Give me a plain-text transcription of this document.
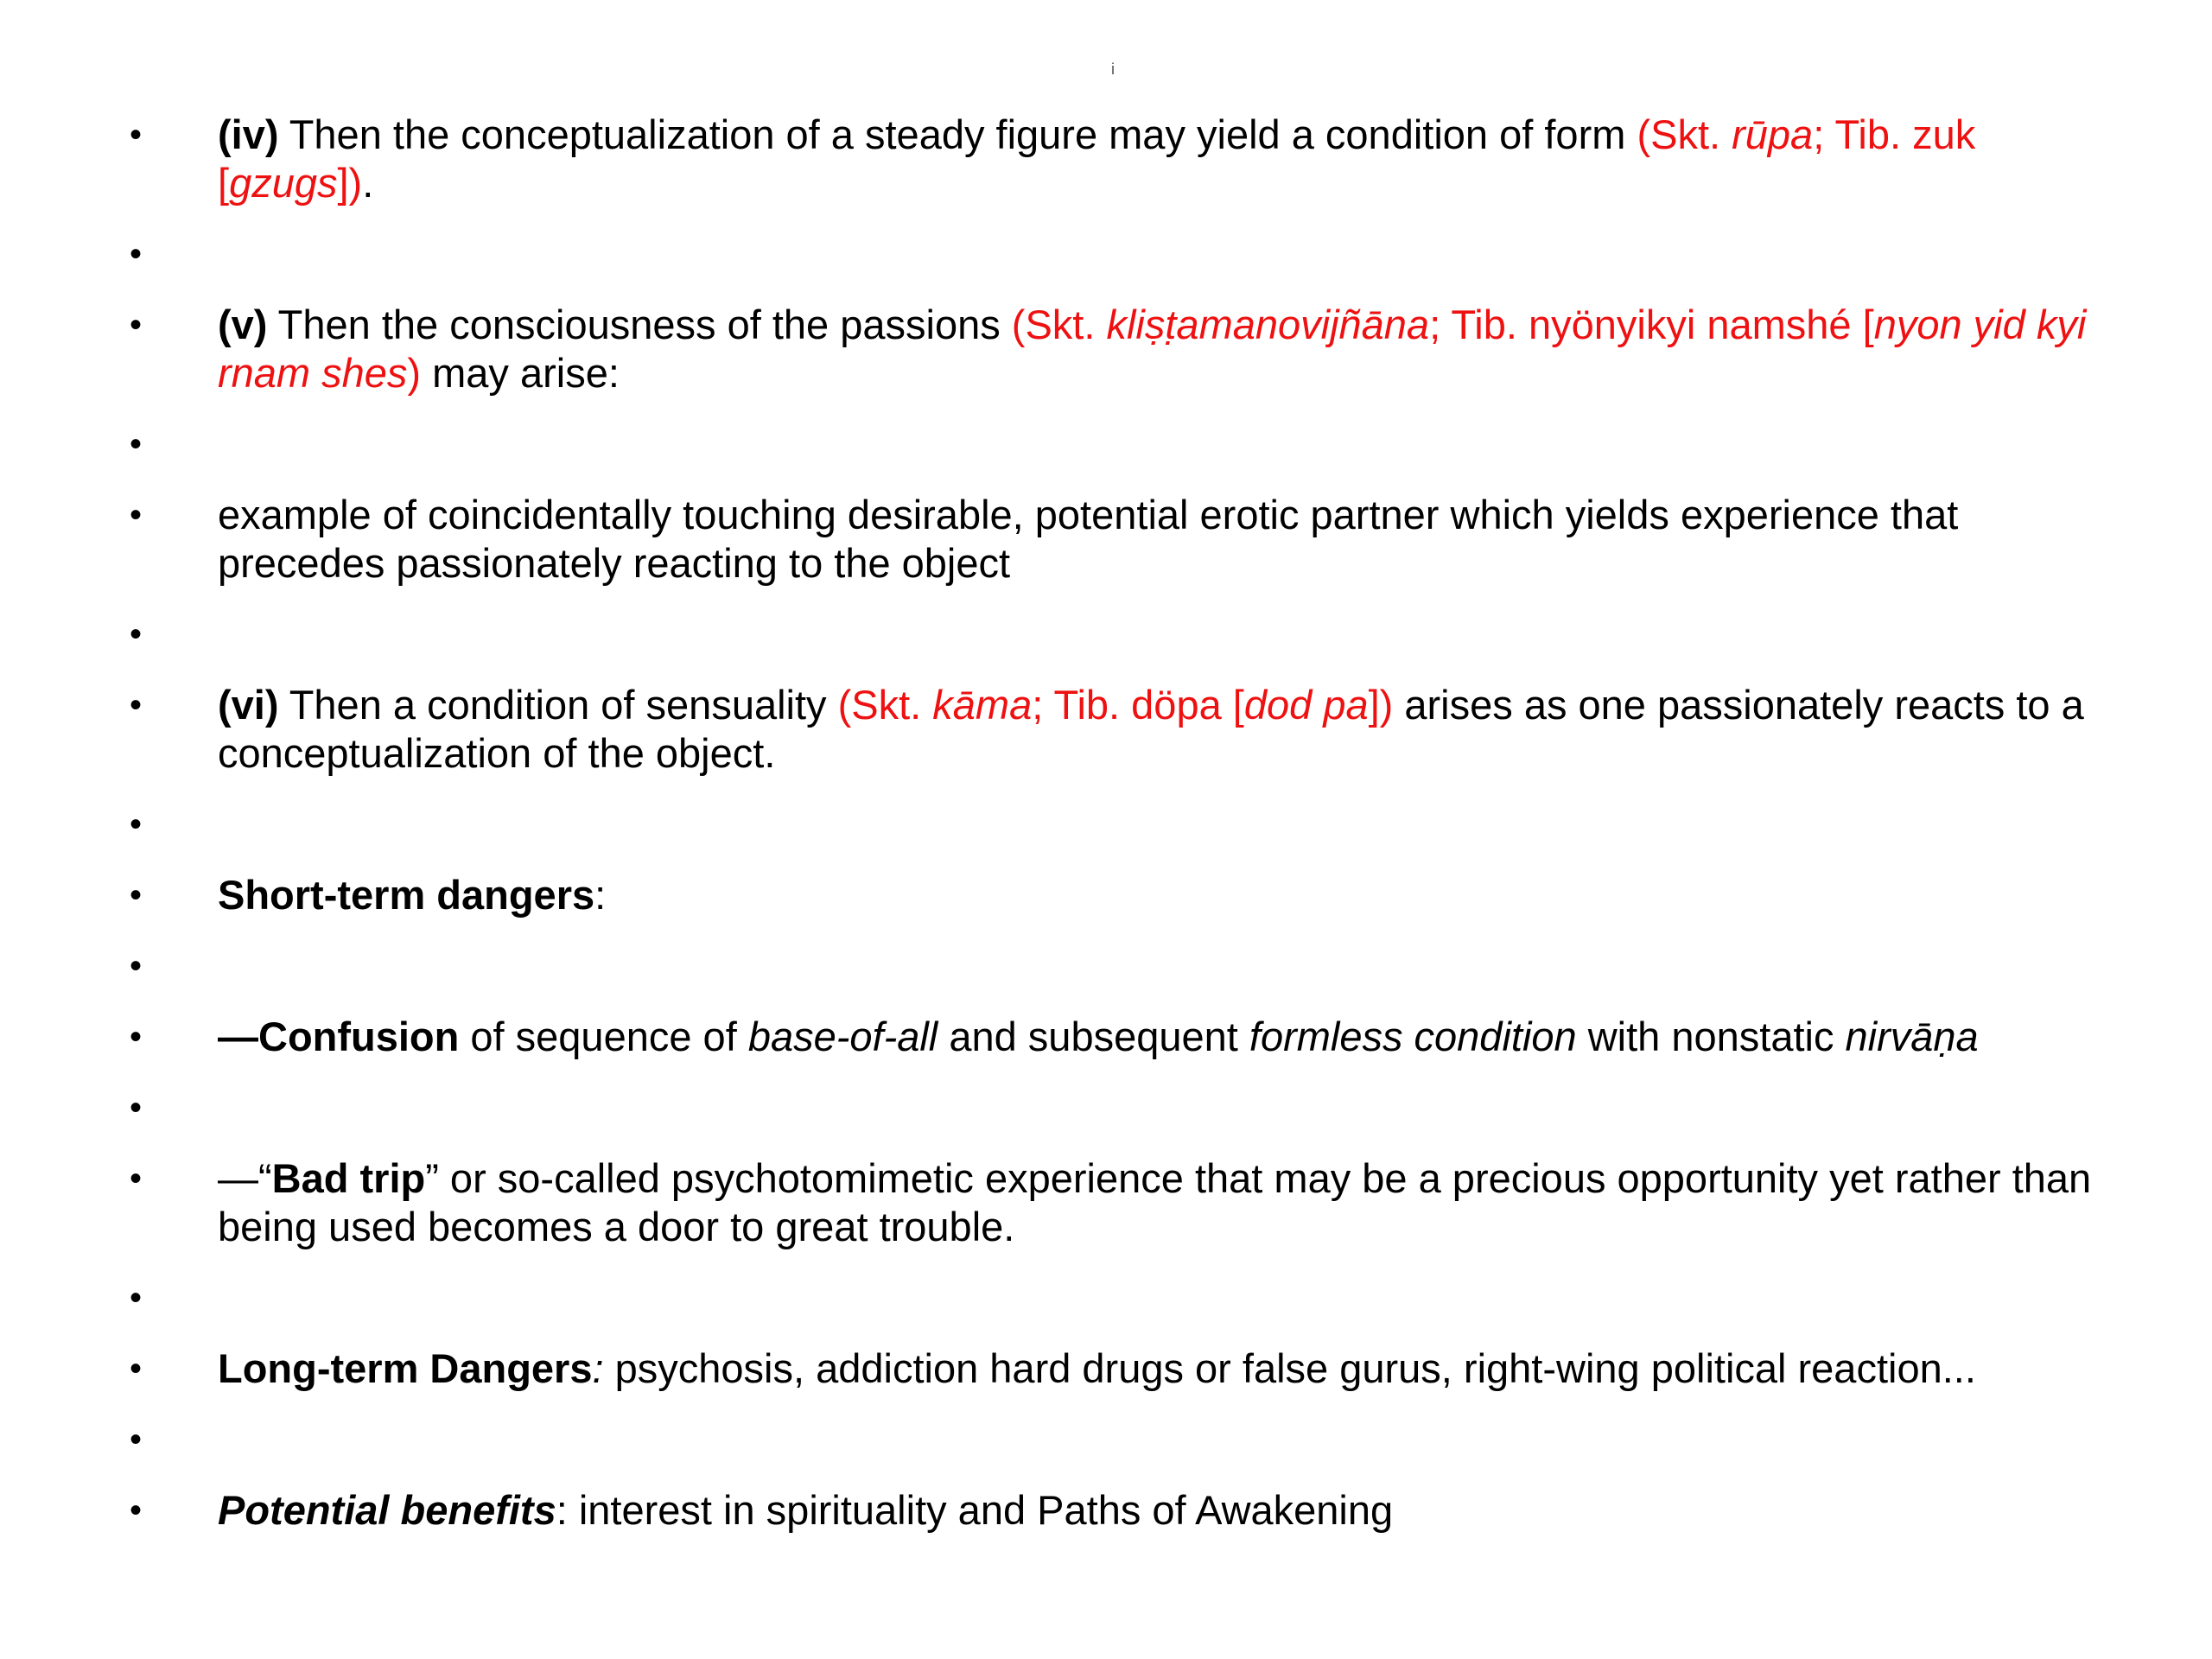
i
• (iv) Then the conceptualization of a steady figure may yield a condition of form (Skt. rūpa; Tib. zuk [gzugs]).
•
• (v) Then the consciousness of the passions (Skt. kliṣṭamanovijñāna; Tib. nyönyikyi namshé [nyon yid kyi rnam shes) may arise:
•
• example of coincidentally touching desirable, potential erotic partner which yields experience that precedes passionately reacting to the object
•
• (vi) Then a condition of sensuality (Skt. kāma; Tib. döpa [dod pa]) arises as one passionately reacts to a conceptualization of the object.
•
• Short-term dangers:
•
• —Confusion of sequence of base-of-all and subsequent formless condition with nonstatic nirvāṇa
•
• —“Bad trip” or so-called psychotomimetic experience that may be a precious opportunity yet rather than being used becomes a door to great trouble.
•
• Long-term Dangers: psychosis, addiction hard drugs or false gurus, right-wing political reaction...
•
• Potential benefits: interest in spirituality and Paths of Awakening
